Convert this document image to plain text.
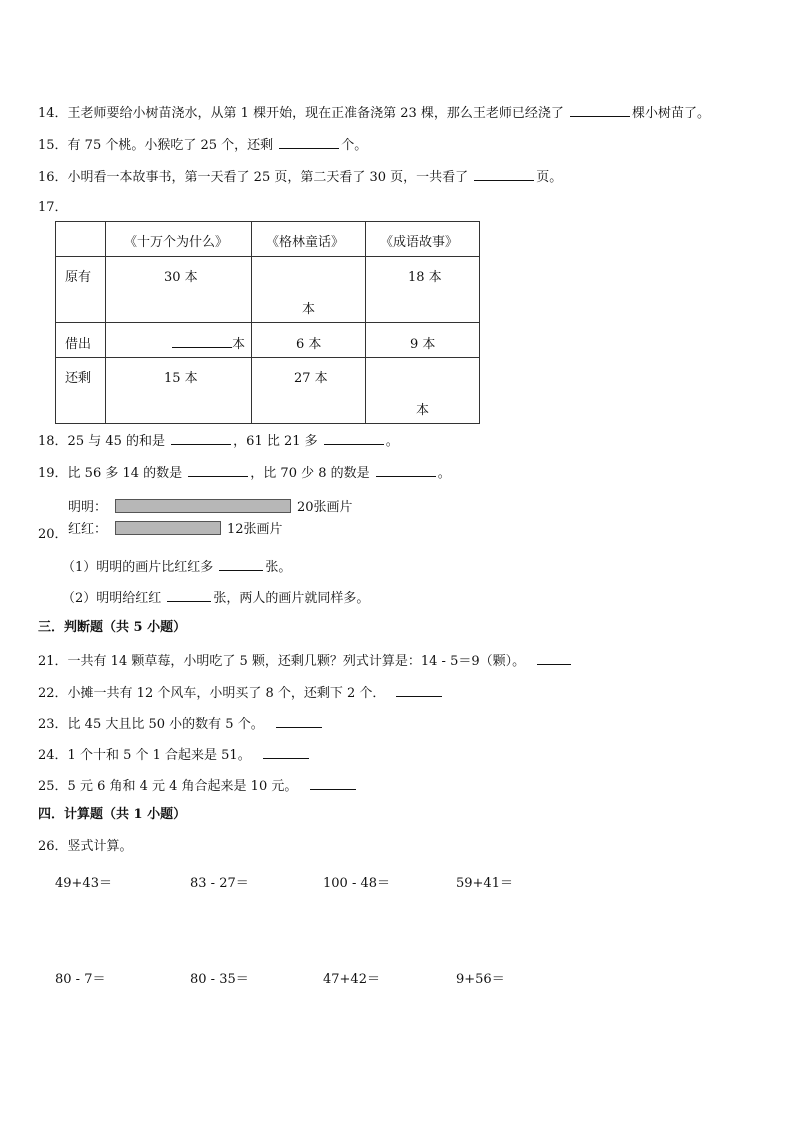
14．王老师要给小树苗浇水，从第 1 棵开始，现在正准备浇第 23 棵，那么王老师已经浇了	棵小树苗了。
15．有 75 个桃。小猴吃了 25 个，还剩	个。
16．小明看一本故事书，第一天看了 25 页，第二天看了 30 页，一共看了	页。
17．

	《十万个为什么》	《格林童话》	《成语故事》

原有	30 本	本	18 本

借出	本	6 本	9 本

还剩	15 本	27 本	本
18．25 与 45 的和是	，61 比 21 多	。
19．比 56 多 14 的数是	，比 70 少 8 的数是	。
明明：	20张画片
红红：	12张画片
20．
（1）明明的画片比红红多	张。
（2）明明给红红	张，两人的画片就同样多。
三．判断题（共 5 小题）
21．一共有 14 颗草莓，小明吃了 5 颗，还剩几颗？列式计算是：14 - 5＝9（颗）。
22．小摊一共有 12 个风车，小明买了 8 个，还剩下 2 个．
23．比 45 大且比 50 小的数有 5 个。
24．1 个十和 5 个 1 合起来是 51。
25．5 元 6 角和 4 元 4 角合起来是 10 元。
四．计算题（共 1 小题）
26．竖式计算。
49+43＝	83 - 27＝	100 - 48＝	59+41＝
80 - 7＝	80 - 35＝	47+42＝	9+56＝
